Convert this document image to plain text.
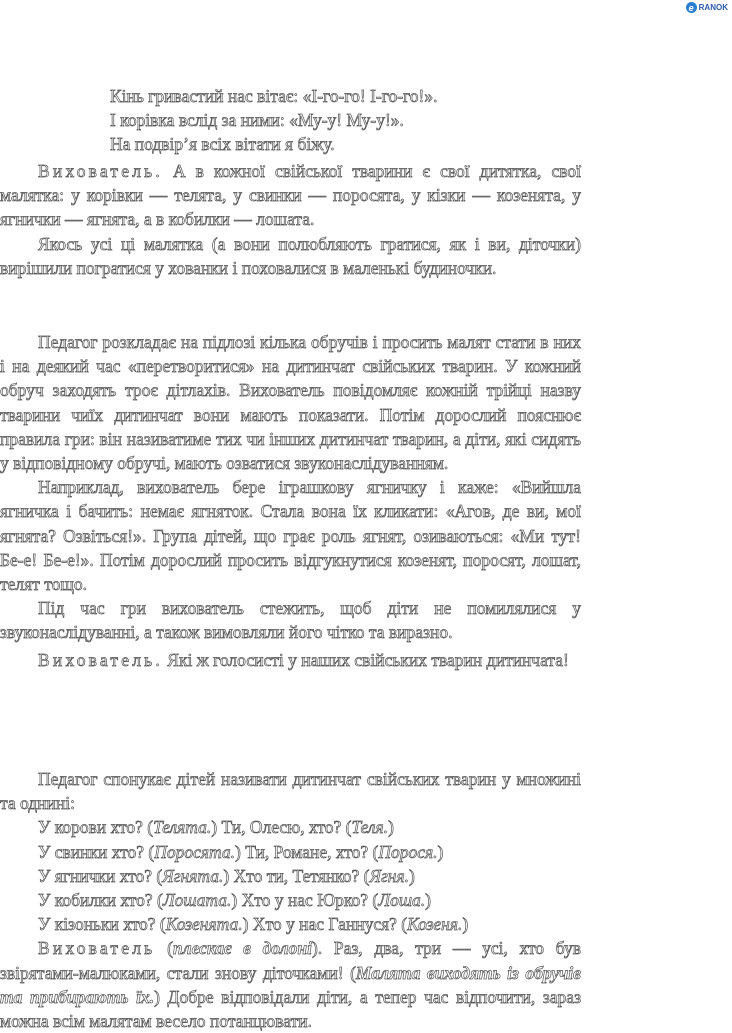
e RANOK
Кінь гривастий нас вітає: «І-го-го! І-го-го!».
І корівка вслід за ними: «Му-у! Му-у!».
На подвір’я всіх вітати я біжу.

Вихователь. А в кожної свійської тварини є свої дитятка, свої малятка: у корівки — телята, у свинки — поросята, у кізки — козенята, у ягнички — ягнята, а в кобилки — лошата.

Якось усі ці малятка (а вони полюбляють гратися, як і ви, діточки) вирішили погратися у хованки і поховалися в маленькі будиночки.

Педагог розкладає на підлозі кілька обручів і просить малят стати в них і на деякий час «перетворитися» на дитинчат свійських тварин. У кожний обруч заходять троє дітлахів. Вихователь повідомляє кожній трійці назву тварини чиїх дитинчат вони мають показати. Потім дорослий пояснює правила гри: він називатиме тих чи інших дитинчат тварин, а діти, які сидять у відповідному обручі, мають озватися звуконаслідуванням.

Наприклад, вихователь бере іграшкову ягничку і каже: «Вийшла ягничка і бачить: немає ягняток. Стала вона їх кликати: «Агов, де ви, мої ягнята? Озвіться!». Група дітей, що грає роль ягнят, озиваються: «Ми тут! Бе-е! Бе-е!». Потім дорослий просить відгукнутися козенят, поросят, лошат, телят тощо.

Під час гри вихователь стежить, щоб діти не помилялися у звуконаслідуванні, а також вимовляли його чітко та виразно.

Вихователь. Які ж голосисті у наших свійських тварин дитинчата!

Педагог спонукає дітей називати дитинчат свійських тварин у множині та однині:

У корови хто? (Телята.) Ти, Олесю, хто? (Теля.)
У свинки хто? (Поросята.) Ти, Романе, хто? (Порося.)
У ягнички хто? (Ягнята.) Хто ти, Тетянко? (Ягня.)
У кобилки хто? (Лошата.) Хто у нас Юрко? (Лоша.)
У кізоньки хто? (Козенята.) Хто у нас Ганнуся? (Козеня.)

Вихователь (плескає в долоні). Раз, два, три — усі, хто був звірятами-малюками, стали знову діточками! (Малята виходять із обручів та прибирають їх.) Добре відповідали діти, а тепер час відпочити, зараз можна всім малятам весело потанцювати.
